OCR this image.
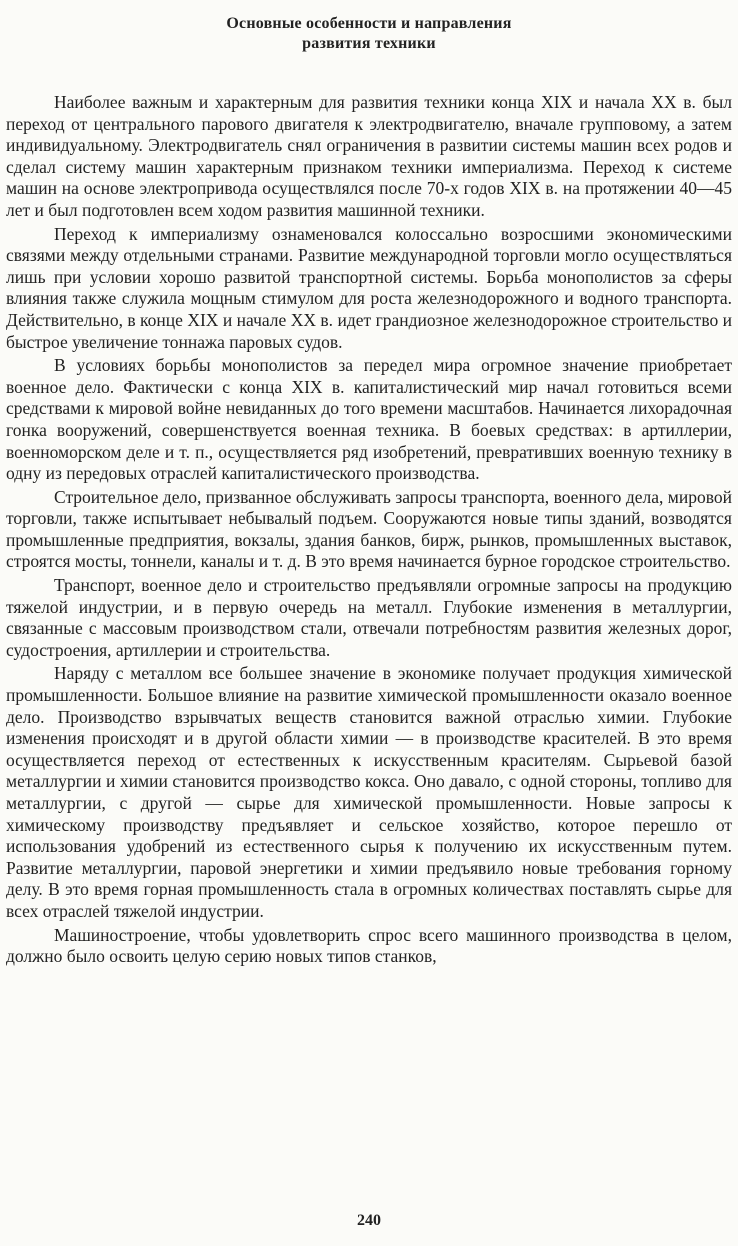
Основные особенности и направления
развития техники

Наиболее важным и характерным для развития техники конца XIX и начала XX в. был переход от центрального парового двигателя к электродвигателю, вначале групповому, а затем индивидуальному. Электродвигатель снял ограничения в развитии системы машин всех родов и сделал систему машин характерным признаком техники империализма. Переход к системе машин на основе электропривода осуществлялся после 70-х годов XIX в. на протяжении 40—45 лет и был подготовлен всем ходом развития машинной техники.

Переход к империализму ознаменовался колоссально возросшими экономическими связями между отдельными странами. Развитие международной торговли могло осуществляться лишь при условии хорошо развитой транспортной системы. Борьба монополистов за сферы влияния также служила мощным стимулом для роста железнодорожного и водного транспорта. Действительно, в конце XIX и начале XX в. идет грандиозное железнодорожное строительство и быстрое увеличение тоннажа паровых судов.

В условиях борьбы монополистов за передел мира огромное значение приобретает военное дело. Фактически с конца XIX в. капиталистический мир начал готовиться всеми средствами к мировой войне невиданных до того времени масштабов. Начинается лихорадочная гонка вооружений, совершенствуется военная техника. В боевых средствах: в артиллерии, военноморском деле и т. п., осуществляется ряд изобретений, превративших военную технику в одну из передовых отраслей капиталистического производства.

Строительное дело, призванное обслуживать запросы транспорта, военного дела, мировой торговли, также испытывает небывалый подъем. Сооружаются новые типы зданий, возводятся промышленные предприятия, вокзалы, здания банков, бирж, рынков, промышленных выставок, строятся мосты, тоннели, каналы и т. д. В это время начинается бурное городское строительство.

Транспорт, военное дело и строительство предъявляли огромные запросы на продукцию тяжелой индустрии, и в первую очередь на металл. Глубокие изменения в металлургии, связанные с массовым производством стали, отвечали потребностям развития железных дорог, судостроения, артиллерии и строительства.

Наряду с металлом все большее значение в экономике получает продукция химической промышленности. Большое влияние на развитие химической промышленности оказало военное дело. Производство взрывчатых веществ становится важной отраслью химии. Глубокие изменения происходят и в другой области химии — в производстве красителей. В это время осуществляется переход от естественных к искусственным красителям. Сырьевой базой металлургии и химии становится производство кокса. Оно давало, с одной стороны, топливо для металлургии, с другой — сырье для химической промышленности. Новые запросы к химическому производству предъявляет и сельское хозяйство, которое перешло от использования удобрений из естественного сырья к получению их искусственным путем. Развитие металлургии, паровой энергетики и химии предъявило новые требования горному делу. В это время горная промышленность стала в огромных количествах поставлять сырье для всех отраслей тяжелой индустрии.

Машиностроение, чтобы удовлетворить спрос всего машинного производства в целом, должно было освоить целую серию новых типов станков,

240
